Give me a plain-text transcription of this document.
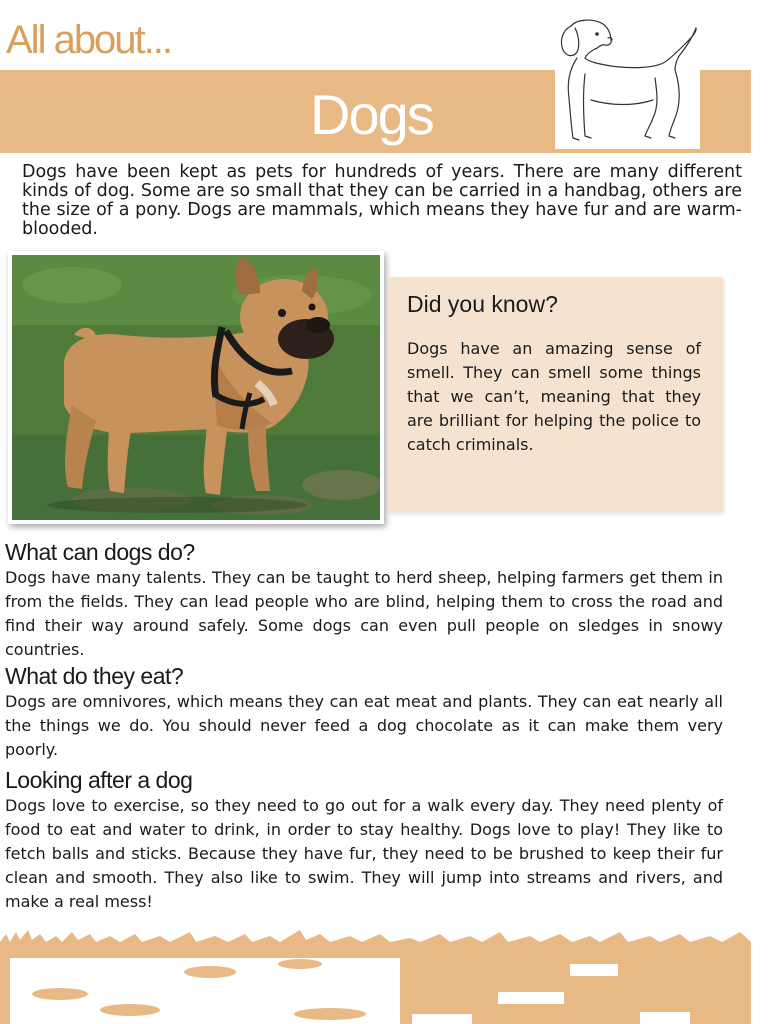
All about...
Dogs

Dogs have been kept as pets for hundreds of years. There are many different kinds of dog. Some are so small that they can be carried in a handbag, others are the size of a pony. Dogs are mammals, which means they have fur and are warm-blooded.

Did you know?

Dogs have an amazing sense of smell. They can smell some things that we can’t, meaning that they are brilliant for helping the police to catch criminals.

What can dogs do?

Dogs have many talents. They can be taught to herd sheep, helping farmers get them in from the fields. They can lead people who are blind, helping them to cross the road and find their way around safely. Some dogs can even pull people on sledges in snowy countries.

What do they eat?

Dogs are omnivores, which means they can eat meat and plants. They can eat nearly all the things we do. You should never feed a dog chocolate as it can make them very poorly.

Looking after a dog

Dogs love to exercise, so they need to go out for a walk every day. They need plenty of food to eat and water to drink, in order to stay healthy. Dogs love to play! They like to fetch balls and sticks. Because they have fur, they need to be brushed to keep their fur clean and smooth. They also like to swim. They will jump into streams and rivers, and make a real mess!
